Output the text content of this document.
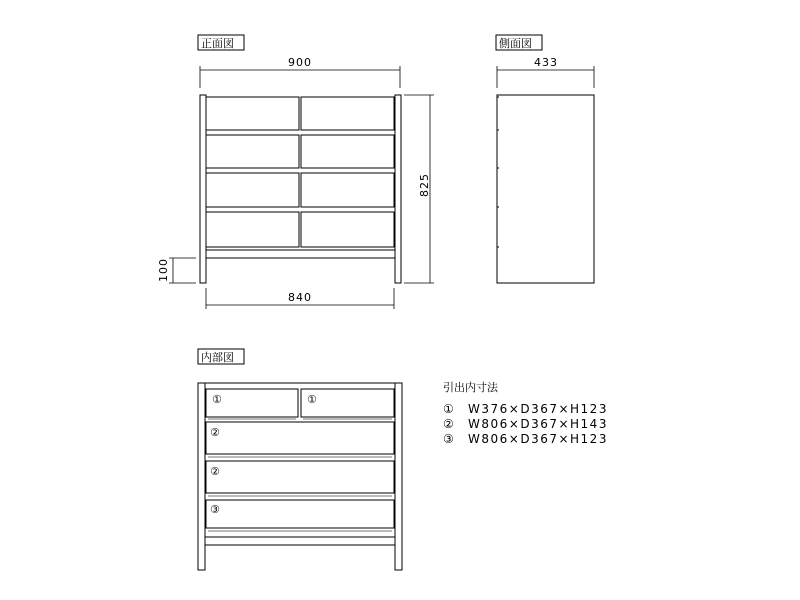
正面図
900
825
100
840
側面図
433
内部図
①	①
②
②
③
引出内寸法
① W376×D367×H123
② W806×D367×H143
③ W806×D367×H123
